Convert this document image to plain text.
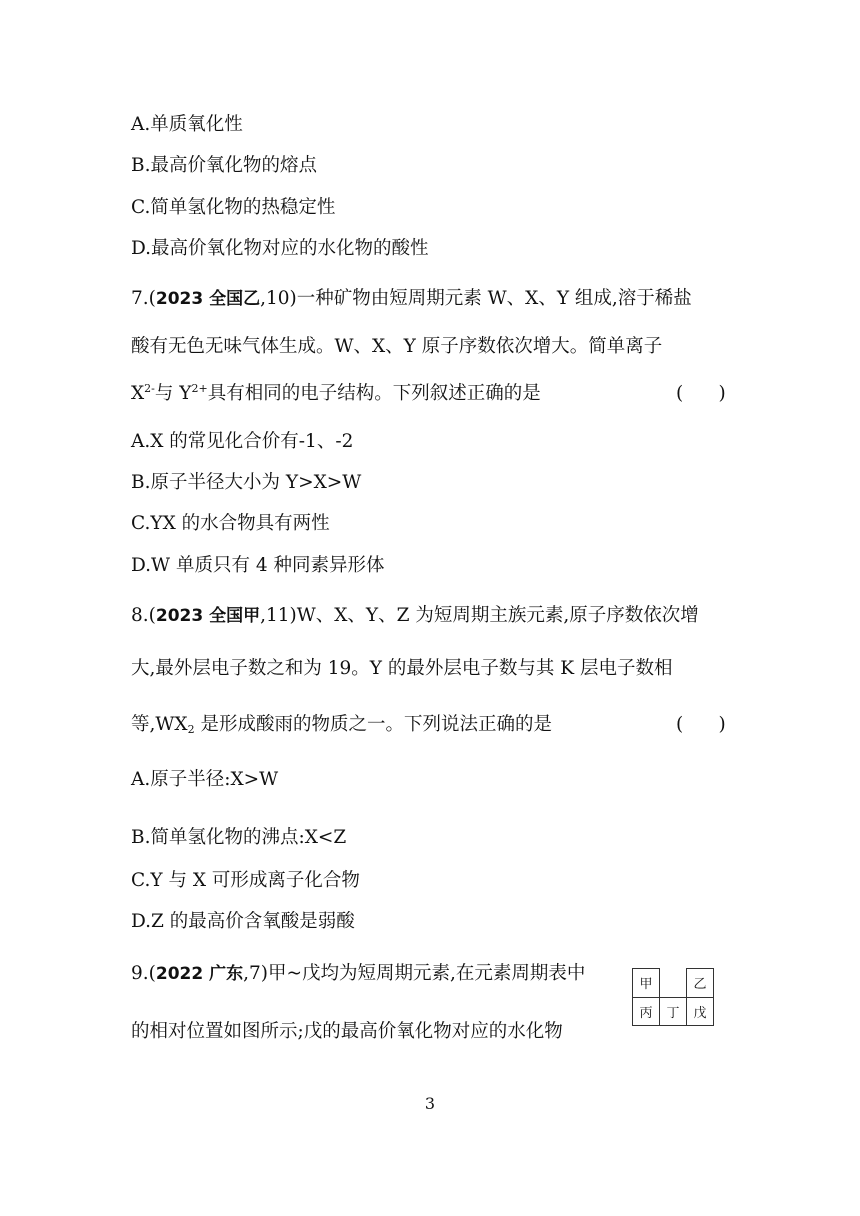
A.单质氧化性
B.最高价氧化物的熔点
C.简单氢化物的热稳定性
D.最高价氧化物对应的水化物的酸性
7.(2023 全国乙,10)一种矿物由短周期元素 W、X、Y 组成,溶于稀盐
酸有无色无味气体生成。W、X、Y 原子序数依次增大。简单离子
$X^{2-}$与 $Y^{2+}$具有相同的电子结构。下列叙述正确的是	(      )
A.X 的常见化合价有-1、-2
B.原子半径大小为 Y>X>W
C.YX 的水合物具有两性
D.W 单质只有 4 种同素异形体
8.(2023 全国甲,11)W、X、Y、Z 为短周期主族元素,原子序数依次增
大,最外层电子数之和为 19。Y 的最外层电子数与其 K 层电子数相
等$,WX_2$ 是形成酸雨的物质之一。下列说法正确的是	(      )
A.原子半径:X>W
B.简单氢化物的沸点:X<Z
C.Y 与 X 可形成离子化合物
D.Z 的最高价含氧酸是弱酸
9.(2022 广东,7)甲~戊均为短周期元素,在元素周期表中
的相对位置如图所示;戊的最高价氧化物对应的水化物
甲		乙
丙	丁	戊
3
